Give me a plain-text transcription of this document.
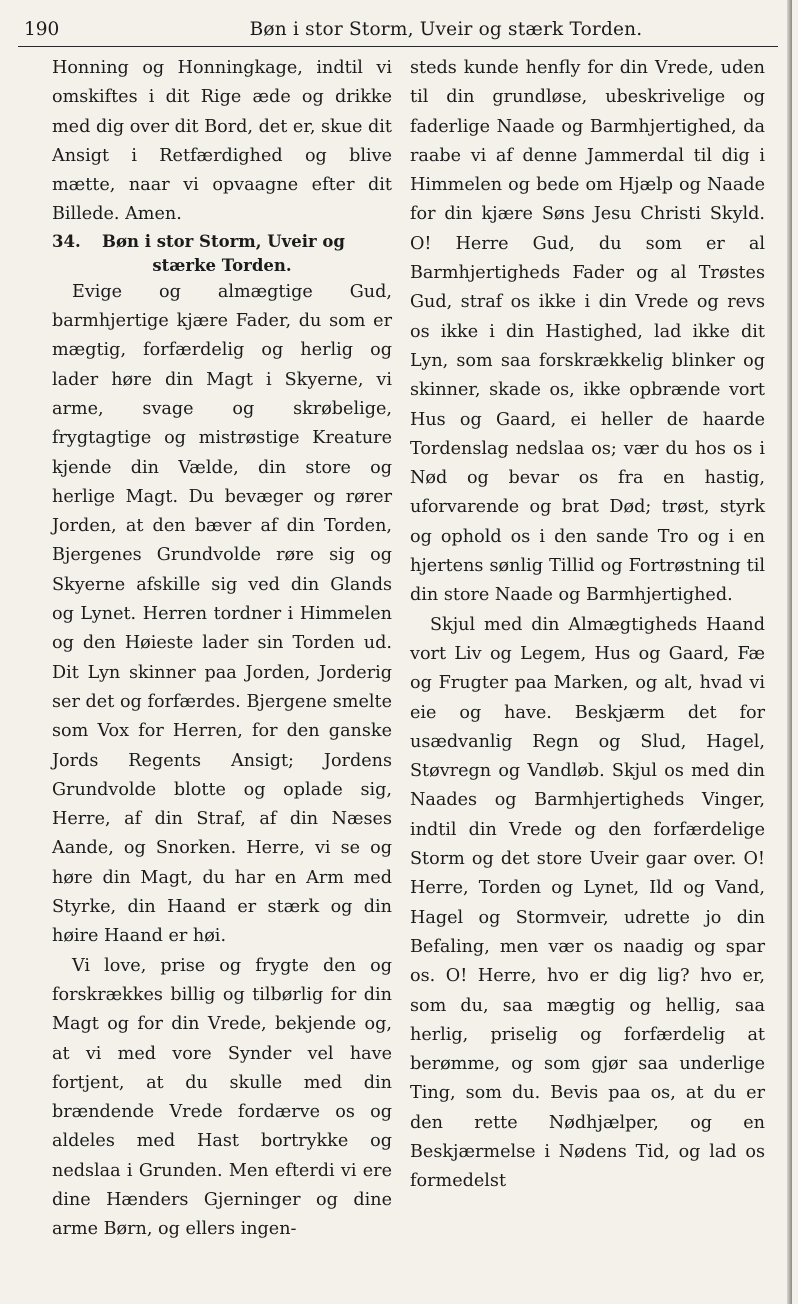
190	Bøn i stor Storm, Uveir og stærk Torden.

Honning og Honningkage, indtil vi omskiftes i dit Rige æde og drikke med dig over dit Bord, det er, skue dit Ansigt i Retfærdighed og blive mætte, naar vi opvaagne efter dit Billede. Amen.

34. Bøn i stor Storm, Uveir og
stærke Torden.

Evige og almægtige Gud, barmhjertige kjære Fader, du som er mægtig, forfærdelig og herlig og lader høre din Magt i Skyerne, vi arme, svage og skrøbelige, frygtagtige og mistrøstige Kreature kjende din Vælde, din store og herlige Magt. Du bevæger og rører Jorden, at den bæver af din Torden, Bjergenes Grundvolde røre sig og Skyerne afskille sig ved din Glands og Lynet. Herren tordner i Himmelen og den Høieste lader sin Torden ud. Dit Lyn skinner paa Jorden, Jorderig ser det og forfærdes. Bjergene smelte som Vox for Herren, for den ganske Jords Regents Ansigt; Jordens Grundvolde blotte og oplade sig, Herre, af din Straf, af din Næses Aande, og Snorken. Herre, vi se og høre din Magt, du har en Arm med Styrke, din Haand er stærk og din høire Haand er høi.

Vi love, prise og frygte den og forskrækkes billig og tilbørlig for din Magt og for din Vrede, bekjende og, at vi med vore Synder vel have fortjent, at du skulle med din brændende Vrede fordærve os og aldeles med Hast bortrykke og nedslaa i Grunden. Men efterdi vi ere dine Hænders Gjerninger og dine arme Børn, og ellers ingen-

steds kunde henfly for din Vrede, uden til din grundløse, ubeskrivelige og faderlige Naade og Barmhjertighed, da raabe vi af denne Jammerdal til dig i Himmelen og bede om Hjælp og Naade for din kjære Søns Jesu Christi Skyld. O! Herre Gud, du som er al Barmhjertigheds Fader og al Trøstes Gud, straf os ikke i din Vrede og revs os ikke i din Hastighed, lad ikke dit Lyn, som saa forskrækkelig blinker og skinner, skade os, ikke opbrænde vort Hus og Gaard, ei heller de haarde Tordenslag nedslaa os; vær du hos os i Nød og bevar os fra en hastig, uforvarende og brat Død; trøst, styrk og ophold os i den sande Tro og i en hjertens sønlig Tillid og Fortrøstning til din store Naade og Barmhjertighed.

Skjul med din Almægtigheds Haand vort Liv og Legem, Hus og Gaard, Fæ og Frugter paa Marken, og alt, hvad vi eie og have. Beskjærm det for usædvanlig Regn og Slud, Hagel, Støvregn og Vandløb. Skjul os med din Naades og Barmhjertigheds Vinger, indtil din Vrede og den forfærdelige Storm og det store Uveir gaar over. O! Herre, Torden og Lynet, Ild og Vand, Hagel og Stormveir, udrette jo din Befaling, men vær os naadig og spar os. O! Herre, hvo er dig lig? hvo er, som du, saa mægtig og hellig, saa herlig, priselig og forfærdelig at berømme, og som gjør saa underlige Ting, som du. Bevis paa os, at du er den rette Nødhjælper, og en Beskjærmelse i Nødens Tid, og lad os formedelst
